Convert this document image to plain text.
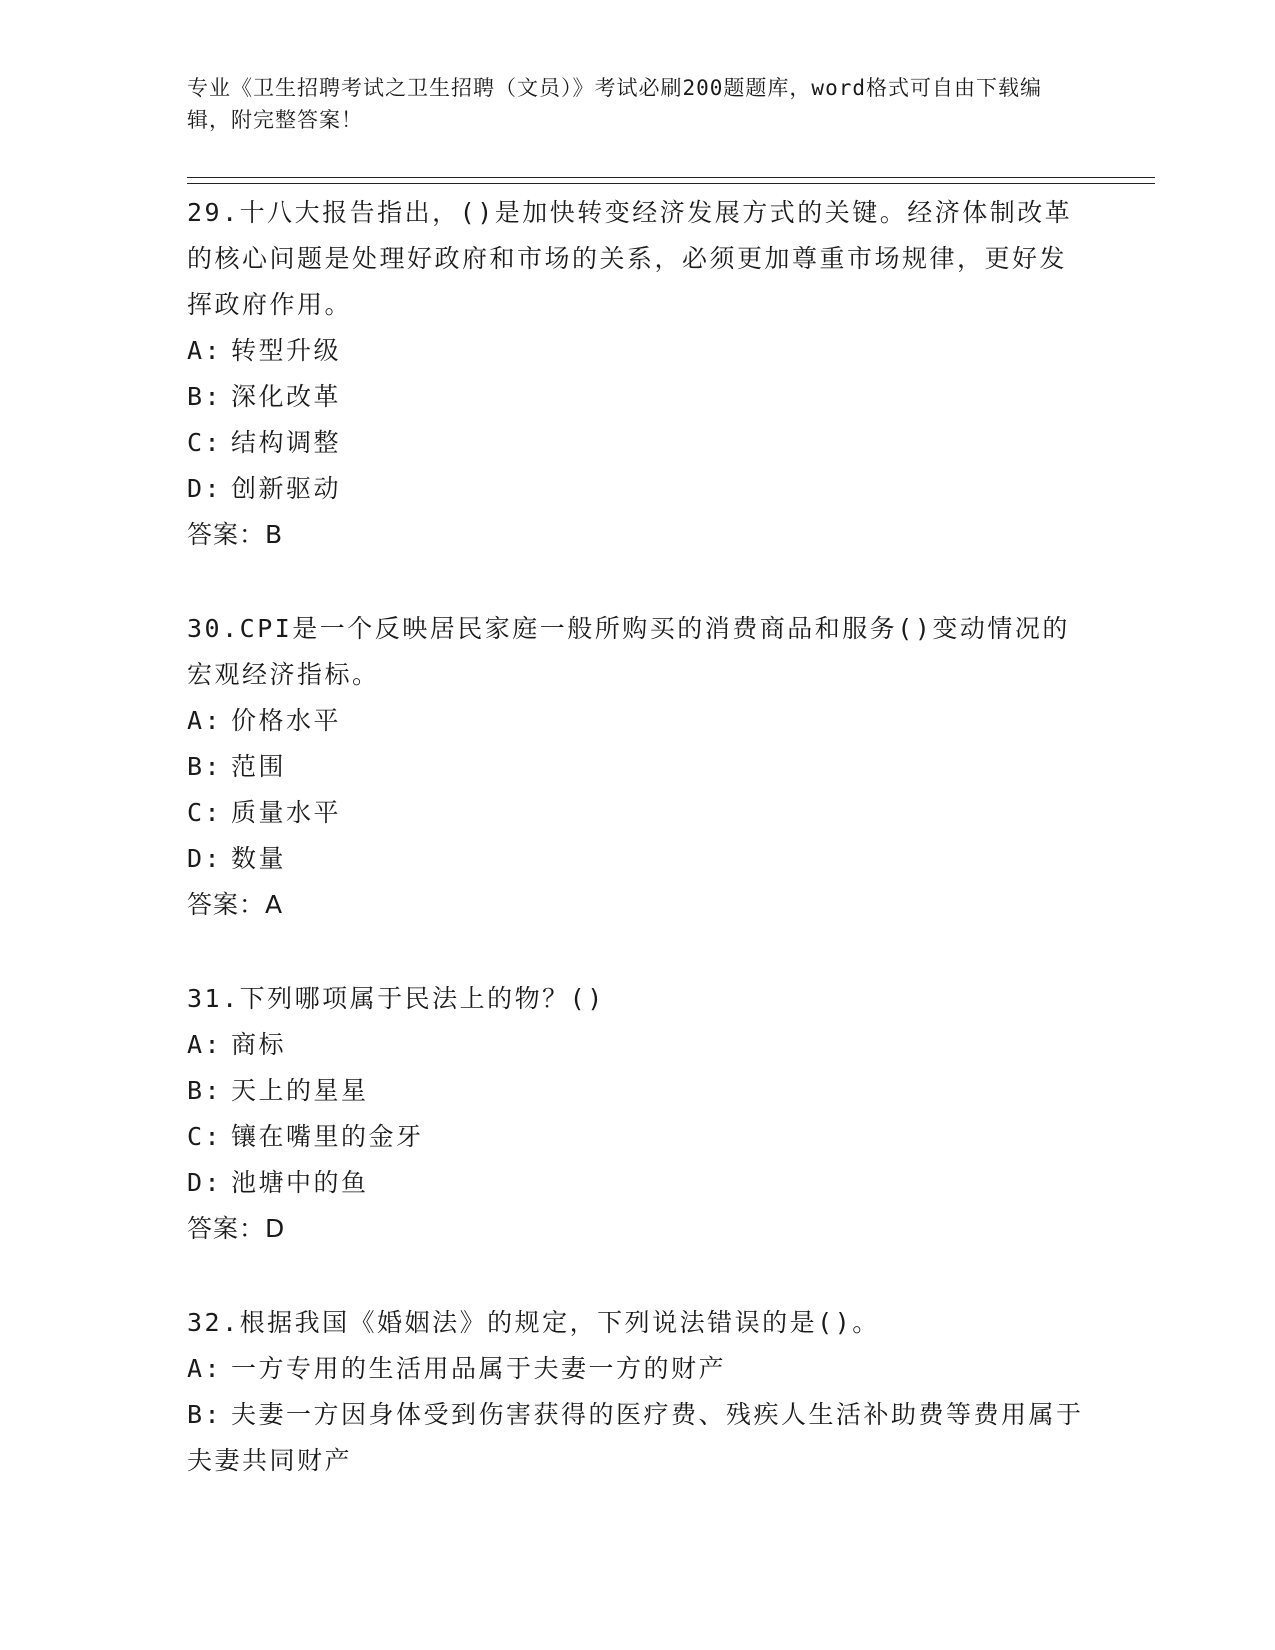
专业《卫生招聘考试之卫生招聘（文员）》考试必刷200题题库，word格式可自由下载编辑，附完整答案！
29.十八大报告指出，()是加快转变经济发展方式的关键。经济体制改革的核心问题是处理好政府和市场的关系，必须更加尊重市场规律，更好发挥政府作用。
A: 转型升级
B: 深化改革
C: 结构调整
D: 创新驱动
答案：B
30.CPI是一个反映居民家庭一般所购买的消费商品和服务()变动情况的宏观经济指标。
A: 价格水平
B: 范围
C: 质量水平
D: 数量
答案：A
31.下列哪项属于民法上的物？()
A: 商标
B: 天上的星星
C: 镶在嘴里的金牙
D: 池塘中的鱼
答案：D
32.根据我国《婚姻法》的规定，下列说法错误的是()。
A: 一方专用的生活用品属于夫妻一方的财产
B: 夫妻一方因身体受到伤害获得的医疗费、残疾人生活补助费等费用属于夫妻共同财产
